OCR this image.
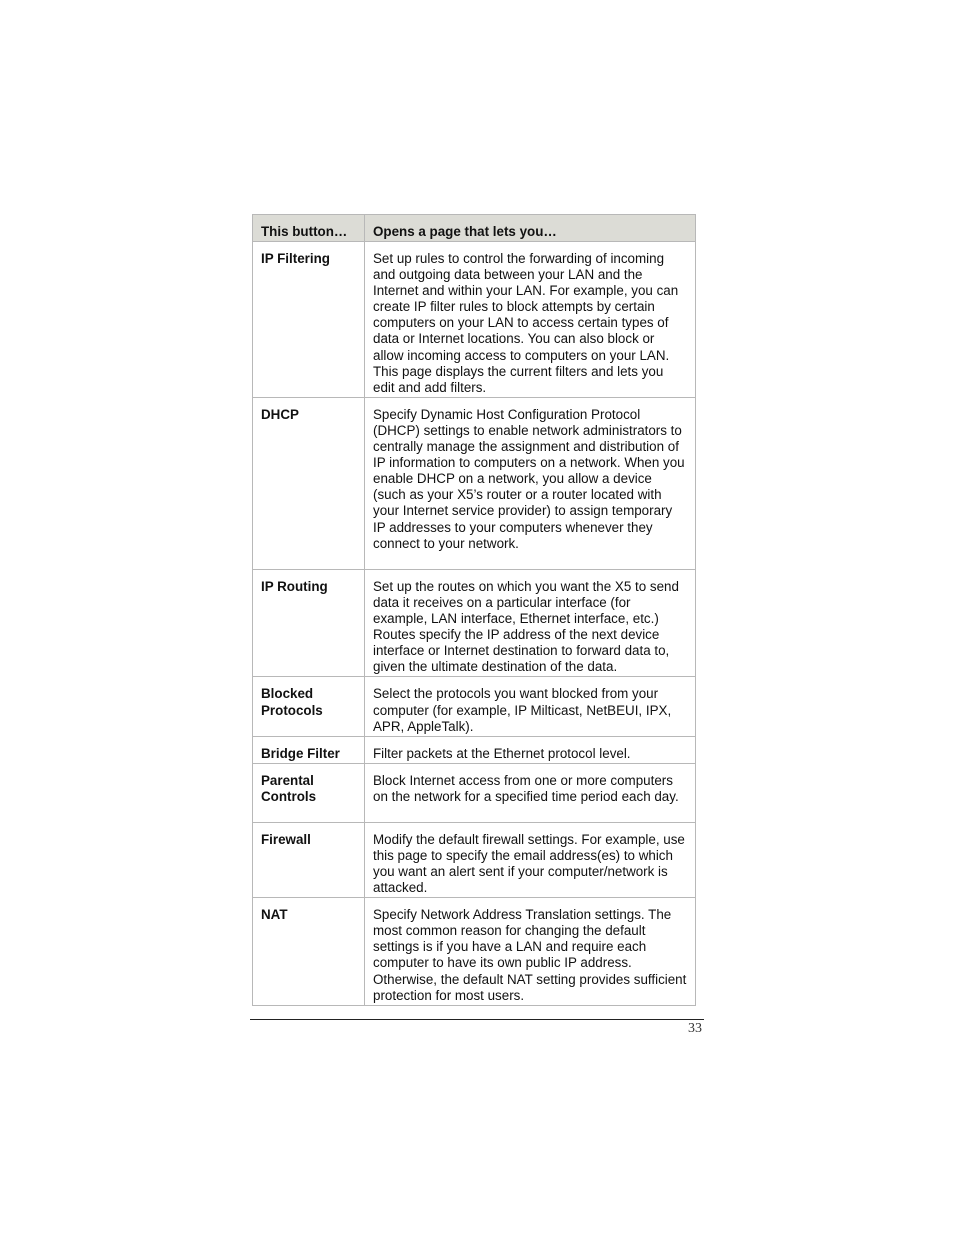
This button…	Opens a page that lets you…
IP Filtering	Set up rules to control the forwarding of incoming and outgoing data between your LAN and the Internet and within your LAN. For example, you can create IP filter rules to block attempts by certain computers on your LAN to access certain types of data or Internet locations. You can also block or allow incoming access to computers on your LAN. This page displays the current filters and lets you edit and add filters.
DHCP	Specify Dynamic Host Configuration Protocol (DHCP) settings to enable network administrators to centrally manage the assignment and distribution of IP information to computers on a network. When you enable DHCP on a network, you allow a device (such as your X5’s router or a router located with your Internet service provider) to assign temporary IP addresses to your computers whenever they connect to your network.
IP Routing	Set up the routes on which you want the X5 to send data it receives on a particular interface (for example, LAN interface, Ethernet interface, etc.) Routes specify the IP address of the next device interface or Internet destination to forward data to, given the ultimate destination of the data.
Blocked Protocols	Select the protocols you want blocked from your computer (for example, IP Milticast, NetBEUI, IPX, APR, AppleTalk).
Bridge Filter	Filter packets at the Ethernet protocol level.
Parental Controls	Block Internet access from one or more computers on the network for a specified time period each day.
Firewall	Modify the default firewall settings. For example, use this page to specify the email address(es) to which you want an alert sent if your computer/network is attacked.
NAT	Specify Network Address Translation settings. The most common reason for changing the default settings is if you have a LAN and require each computer to have its own public IP address. Otherwise, the default NAT setting provides sufficient protection for most users.
33
